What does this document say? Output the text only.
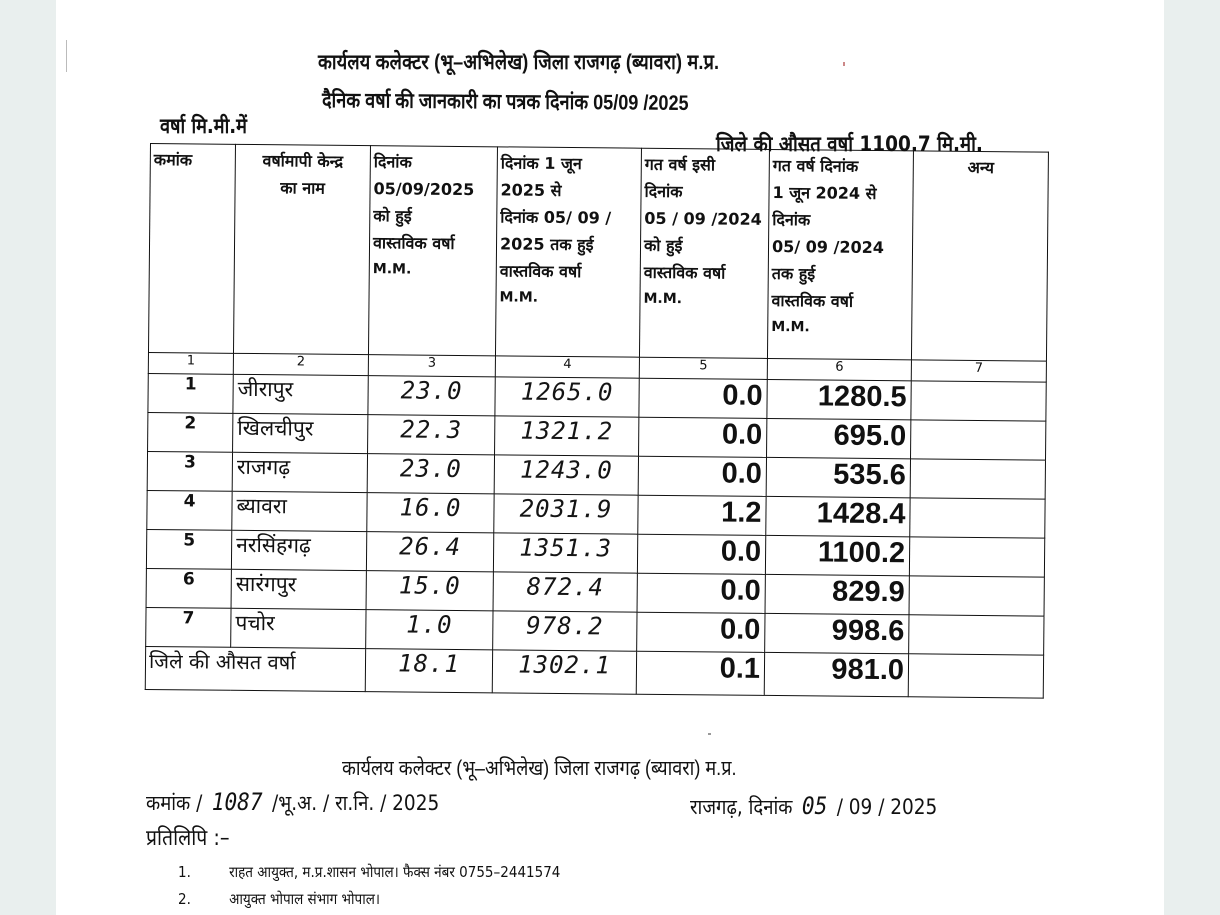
कार्यलय कलेक्टर (भू–अभिलेख) जिला राजगढ़ (ब्यावरा) म.प्र.
दैनिक वर्षा की जानकारी का पत्रक दिनांक 05/09 /2025
वर्षा मि.मी.में
जिले की औसत वर्षा 1100.7 मि.मी.
कमांक	वर्षामापी केन्द्र
का नाम

दिनांक
05/09/2025
को हुई
वास्तविक वर्षा
M.M.

दिनांक 1 जून
2025 से
दिनांक 05/ 09 /
2025 तक हुई
वास्तविक वर्षा
M.M.

गत वर्ष इसी
दिनांक
05 / 09 /2024
को हुई
वास्तविक वर्षा
M.M.

गत वर्ष दिनांक
1 जून 2024 से
दिनांक
05/ 09 /2024
तक हुई
वास्तविक वर्षा
M.M.

अन्य

1	2	3	4	5	6	7
1	जीरापुर	23.0	1265.0	0.0	1280.5	
2	खिलचीपुर	22.3	1321.2	0.0	695.0	
3	राजगढ़	23.0	1243.0	0.0	535.6	
4	ब्यावरा	16.0	2031.9	1.2	1428.4	
5	नरसिंहगढ़	26.4	1351.3	0.0	1100.2	
6	सारंगपुर	15.0	872.4	0.0	829.9	
7	पचोर	1.0	978.2	0.0	998.6	
जिले की औसत वर्षा		18.1	1302.1	0.1	981.0	
कार्यलय कलेक्टर (भू–अभिलेख) जिला राजगढ़ (ब्यावरा) म.प्र.
कमांक / 1087 /भू.अ. / रा.नि. / 2025	राजगढ़, दिनांक 05 / 09 / 2025
प्रतिलिपि :–
1.	राहत आयुक्त, म.प्र.शासन भोपाल। फैक्स नंबर 0755–2441574
2.	आयुक्त भोपाल संभाग भोपाल।
